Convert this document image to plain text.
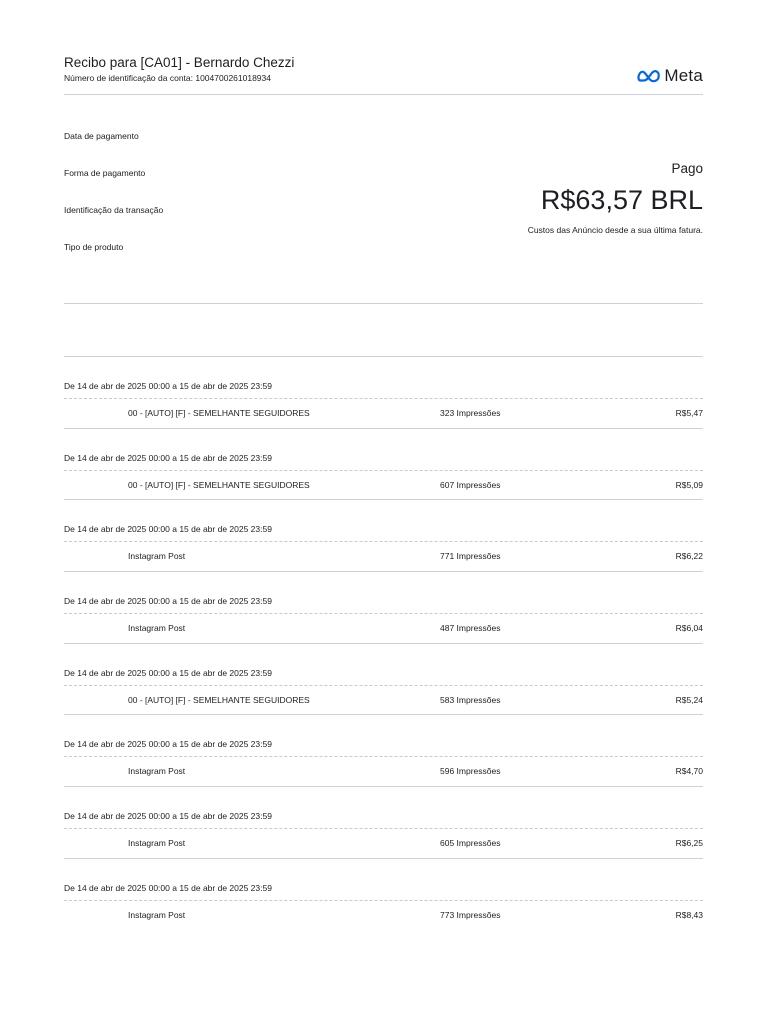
Recibo para [CA01] - Bernardo Chezzi
Número de identificação da conta: 1004700261018934	Meta
Data de pagamento
Forma de pagamento
Identificação da transação
Tipo de produto
Pago
R$63,57 BRL
Custos das Anúncio desde a sua última fatura.
De 14 de abr de 2025 00:00 a 15 de abr de 2025 23:59
00 - [AUTO] [F] - SEMELHANTE SEGUIDORES	323 Impressões	R$5,47
De 14 de abr de 2025 00:00 a 15 de abr de 2025 23:59
00 - [AUTO] [F] - SEMELHANTE SEGUIDORES	607 Impressões	R$5,09
De 14 de abr de 2025 00:00 a 15 de abr de 2025 23:59
Instagram Post	771 Impressões	R$6,22
De 14 de abr de 2025 00:00 a 15 de abr de 2025 23:59
Instagram Post	487 Impressões	R$6,04
De 14 de abr de 2025 00:00 a 15 de abr de 2025 23:59
00 - [AUTO] [F] - SEMELHANTE SEGUIDORES	583 Impressões	R$5,24
De 14 de abr de 2025 00:00 a 15 de abr de 2025 23:59
Instagram Post	596 Impressões	R$4,70
De 14 de abr de 2025 00:00 a 15 de abr de 2025 23:59
Instagram Post	605 Impressões	R$6,25
De 14 de abr de 2025 00:00 a 15 de abr de 2025 23:59
Instagram Post	773 Impressões	R$8,43
